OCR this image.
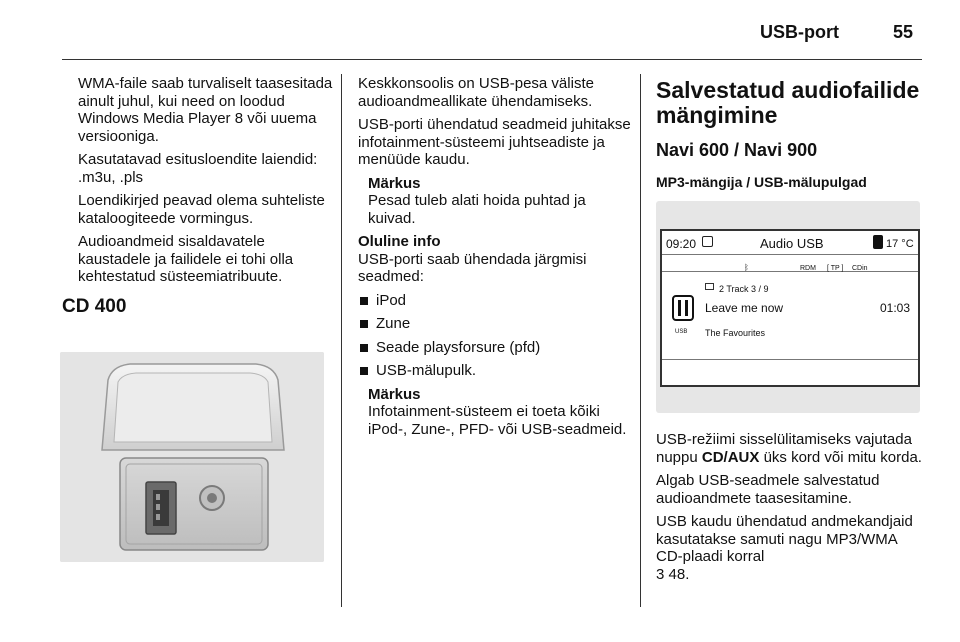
USB-port	55
WMA-faile saab turvaliselt taasesitada ainult juhul, kui need on loodud Windows Media Player 8 või uuema versiooniga.
Kasutatavad esitusloendite laiendid: .m3u, .pls
Loendikirjed peavad olema suhteliste kataloogiteede vormingus.
Audioandmeid sisaldavatele kaustadele ja failidele ei tohi olla kehtestatud süsteemiatribuute.
CD 400
Keskkonsoolis on USB-pesa väliste audioandmeallikate ühendamiseks.
USB-porti ühendatud seadmeid juhitakse infotainment-süsteemi juhtseadiste ja menüüde kaudu.
Märkus
Pesad tuleb alati hoida puhtad ja kuivad.
Oluline info
USB-porti saab ühendada järgmisi seadmed:
iPod
Zune
Seade playsforsure (pfd)
USB-mälupulk.
Märkus
Infotainment-süsteem ei toeta kõiki iPod-, Zune-, PFD- või USB-seadmeid.
Salvestatud audiofailide mängimine
Navi 600 / Navi 900
MP3-mängija / USB-mälupulgad
09:20	Audio USB	17 °C
ᛒ	RDM [ TP ] CDin
USB
2 Track 3 / 9
Leave me now	01:03
The Favourites
USB-režiimi sisselülitamiseks vajutada nuppu CD/AUX üks kord või mitu korda.
Algab USB-seadmele salvestatud audioandmete taasesitamine.
USB kaudu ühendatud andmekandjaid kasutatakse samuti nagu MP3/WMA CD-plaadi korral
3 48.
